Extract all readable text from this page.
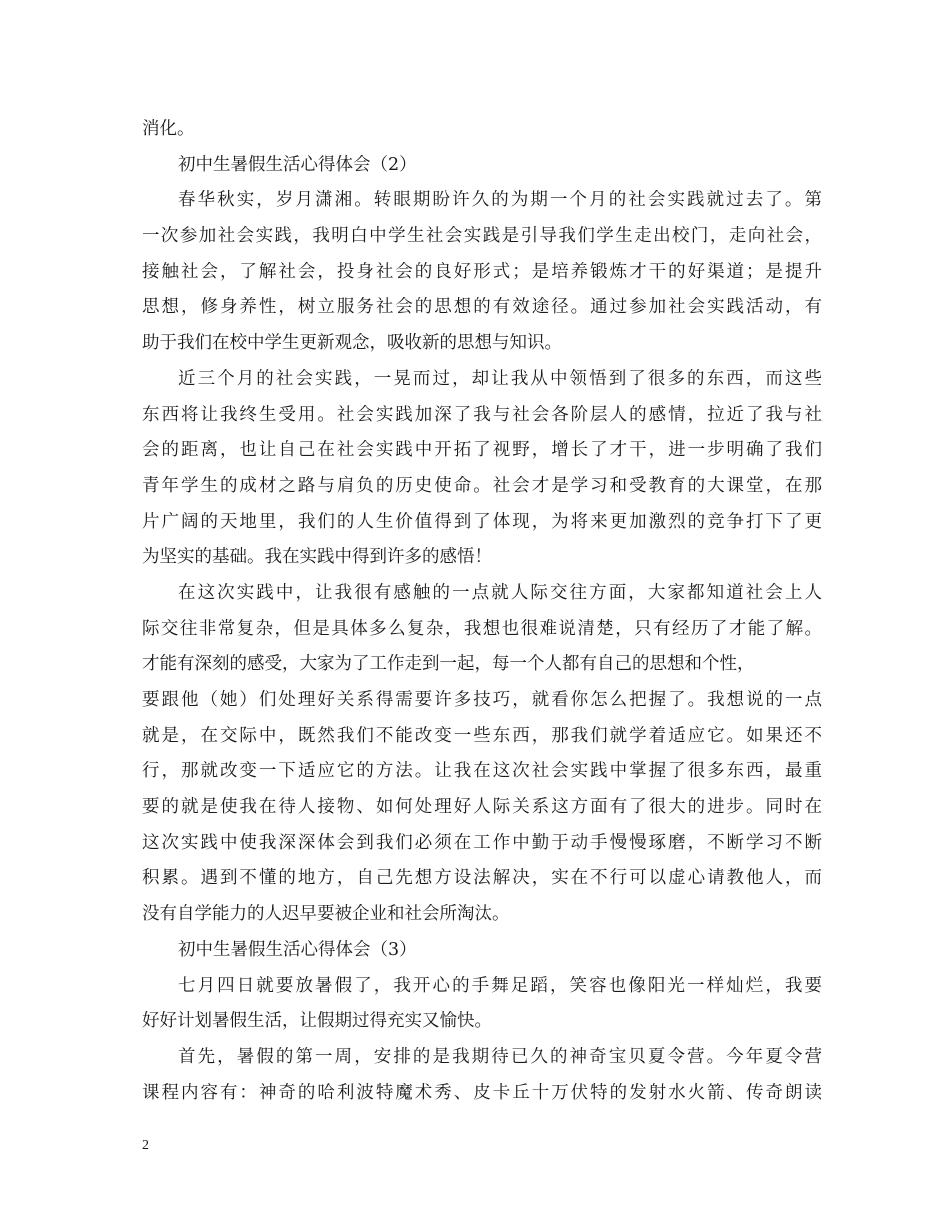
消化。
初中生暑假生活心得体会（2）
春华秋实，岁月潇湘。转眼期盼许久的为期一个月的社会实践就过去了。第
一次参加社会实践，我明白中学生社会实践是引导我们学生走出校门，走向社会，
接触社会，了解社会，投身社会的良好形式；是培养锻炼才干的好渠道；是提升
思想，修身养性，树立服务社会的思想的有效途径。通过参加社会实践活动，有
助于我们在校中学生更新观念，吸收新的思想与知识。
近三个月的社会实践，一晃而过，却让我从中领悟到了很多的东西，而这些
东西将让我终生受用。社会实践加深了我与社会各阶层人的感情，拉近了我与社
会的距离，也让自己在社会实践中开拓了视野，增长了才干，进一步明确了我们
青年学生的成材之路与肩负的历史使命。社会才是学习和受教育的大课堂，在那
片广阔的天地里，我们的人生价值得到了体现，为将来更加激烈的竞争打下了更
为坚实的基础。我在实践中得到许多的感悟！
在这次实践中，让我很有感触的一点就人际交往方面，大家都知道社会上人
际交往非常复杂，但是具体多么复杂，我想也很难说清楚，只有经历了才能了解。
才能有深刻的感受，大家为了工作走到一起，每一个人都有自己的思想和个性，
要跟他（她）们处理好关系得需要许多技巧，就看你怎么把握了。我想说的一点
就是，在交际中，既然我们不能改变一些东西，那我们就学着适应它。如果还不
行，那就改变一下适应它的方法。让我在这次社会实践中掌握了很多东西，最重
要的就是使我在待人接物、如何处理好人际关系这方面有了很大的进步。同时在
这次实践中使我深深体会到我们必须在工作中勤于动手慢慢琢磨，不断学习不断
积累。遇到不懂的地方，自己先想方设法解决，实在不行可以虚心请教他人，而
没有自学能力的人迟早要被企业和社会所淘汰。
初中生暑假生活心得体会（3）
七月四日就要放暑假了，我开心的手舞足蹈，笑容也像阳光一样灿烂，我要
好好计划暑假生活，让假期过得充实又愉快。
首先，暑假的第一周，安排的是我期待已久的神奇宝贝夏令营。今年夏令营
课程内容有：神奇的哈利波特魔术秀、皮卡丘十万伏特的发射水火箭、传奇朗读
2
